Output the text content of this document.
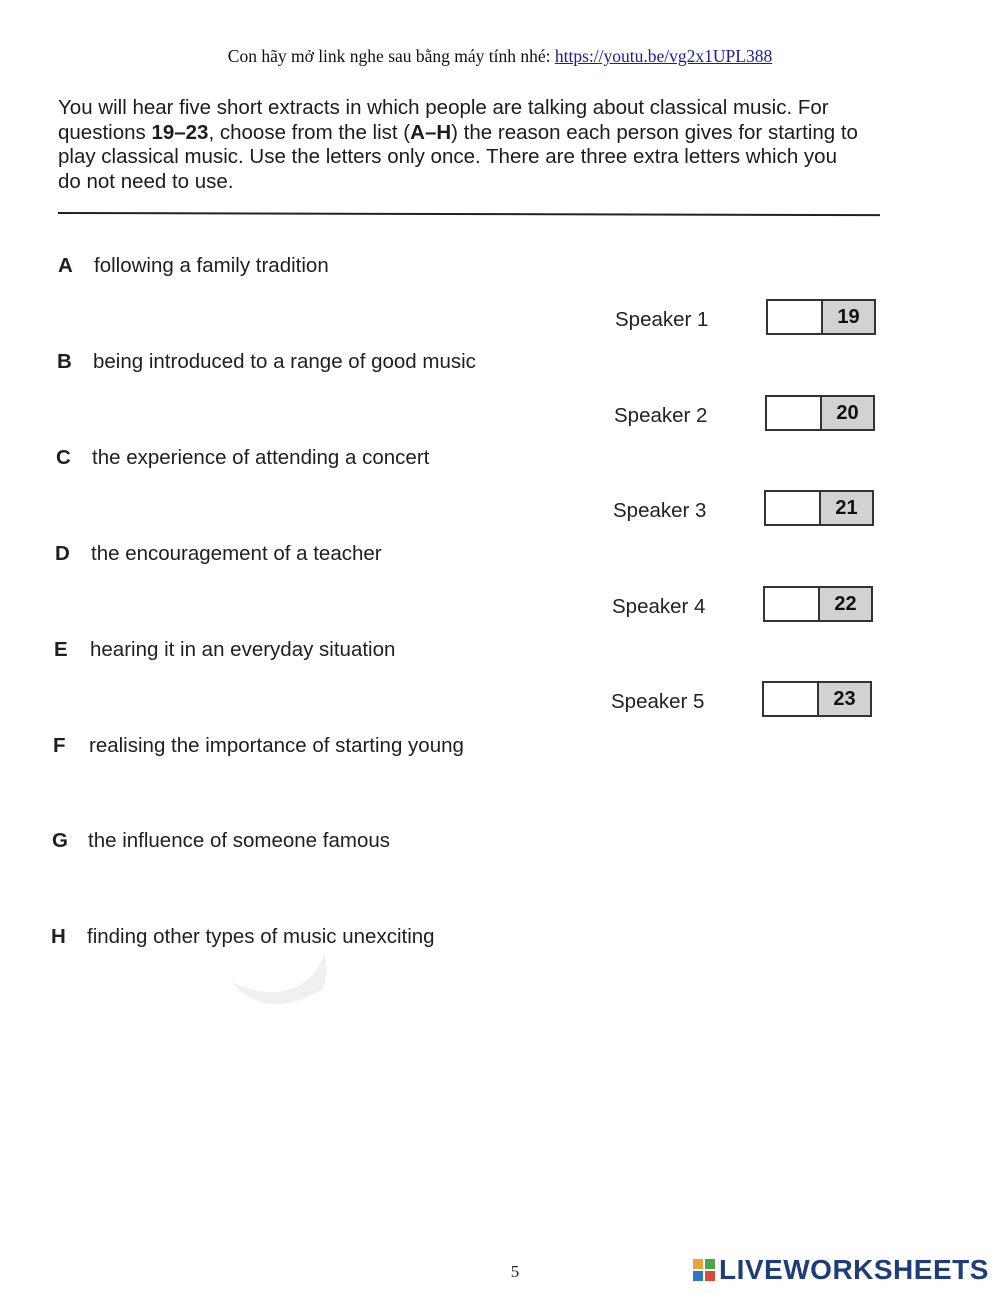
Con hãy mở link nghe sau bằng máy tính nhé: https://youtu.be/vg2x1UPL388
You will hear five short extracts in which people are talking about classical music. For questions 19–23, choose from the list (A–H) the reason each person gives for starting to play classical music. Use the letters only once. There are three extra letters which you do not need to use.
A following a family tradition
B being introduced to a range of good music
C the experience of attending a concert
D the encouragement of a teacher
E hearing it in an everyday situation
F realising the importance of starting young
G the influence of someone famous
H finding other types of music unexciting
Speaker 1	19
Speaker 2	20
Speaker 3	21
Speaker 4	22
Speaker 5	23
5	LIVEWORKSHEETS
